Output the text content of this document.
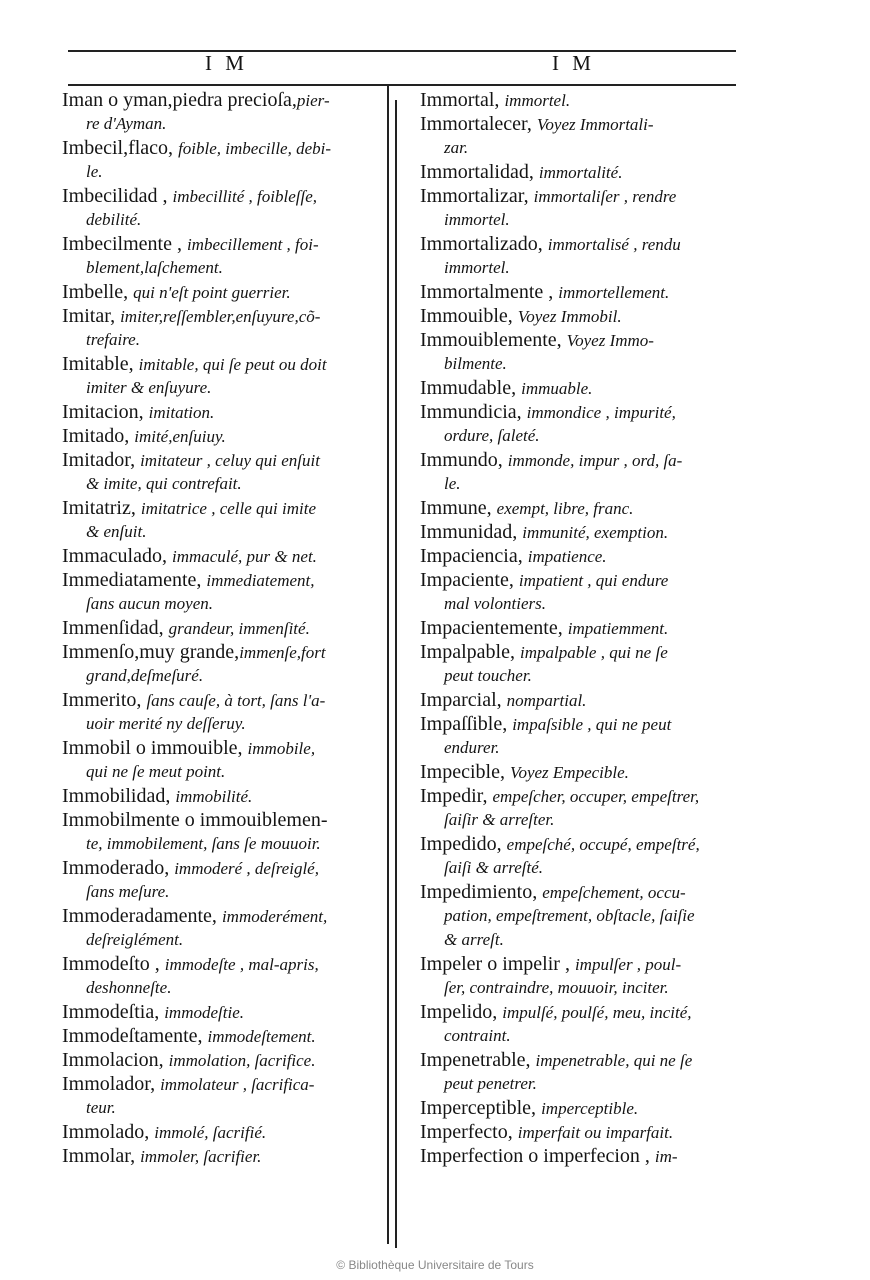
I M	I M
Iman o yman,piedra precioſa,pier-
re d'Ayman.
Imbecil,flaco, foible, imbecille, debi-
le.
Imbecilidad , imbecillité , foibleſſe,
debilité.
Imbecilmente , imbecillement , foi-
blement,laſchement.
Imbelle, qui n'eſt point guerrier.
Imitar, imiter,reſſembler,enſuyure,cõ-
trefaire.
Imitable, imitable, qui ſe peut ou doit
imiter & enſuyure.
Imitacion, imitation.
Imitado, imité,enſuiuy.
Imitador, imitateur , celuy qui enſuit
& imite, qui contrefait.
Imitatriz, imitatrice , celle qui imite
& enſuit.
Immaculado, immaculé, pur & net.
Immediatamente, immediatement,
ſans aucun moyen.
Immenſidad, grandeur, immenſité.
Immenſo,muy grande,immenſe,fort
grand,deſmeſuré.
Immerito, ſans cauſe, à tort, ſans l'a-
uoir merité ny deſſeruy.
Immobil o immouible, immobile,
qui ne ſe meut point.
Immobilidad, immobilité.
Immobilmente o immouiblemen-
te, immobilement, ſans ſe mouuoir.
Immoderado, immoderé , deſreiglé,
ſans meſure.
Immoderadamente, immoderément,
deſreiglément.
Immodeſto , immodeſte , mal-apris,
deshonneſte.
Immodeſtia, immodeſtie.
Immodeſtamente, immodeſtement.
Immolacion, immolation, ſacrifice.
Immolador, immolateur , ſacrifica-
teur.
Immolado, immolé, ſacrifié.
Immolar, immoler, ſacrifier.
Immortal, immortel.
Immortalecer, Voyez Immortali-
zar.
Immortalidad, immortalité.
Immortalizar, immortaliſer , rendre
immortel.
Immortalizado, immortalisé , rendu
immortel.
Immortalmente , immortellement.
Immouible, Voyez Immobil.
Immouiblemente, Voyez Immo-
bilmente.
Immudable, immuable.
Immundicia, immondice , impurité,
ordure, ſaleté.
Immundo, immonde, impur , ord, ſa-
le.
Immune, exempt, libre, franc.
Immunidad, immunité, exemption.
Impaciencia, impatience.
Impaciente, impatient , qui endure
mal volontiers.
Impacientemente, impatiemment.
Impalpable, impalpable , qui ne ſe
peut toucher.
Imparcial, nompartial.
Impaſſible, impaſsible , qui ne peut
endurer.
Impecible, Voyez Empecible.
Impedir, empeſcher, occuper, empeſtrer,
ſaiſir & arreſter.
Impedido, empeſché, occupé, empeſtré,
ſaiſi & arreſté.
Impedimiento, empeſchement, occu-
pation, empeſtrement, obſtacle, ſaiſie
& arreſt.
Impeler o impelir , impulſer , poul-
ſer, contraindre, mouuoir, inciter.
Impelido, impulſé, poulſé, meu, incité,
contraint.
Impenetrable, impenetrable, qui ne ſe
peut penetrer.
Imperceptible, imperceptible.
Imperfecto, imperfait ou imparfait.
Imperfection o imperfecion , im-
© Bibliothèque Universitaire de Tours
